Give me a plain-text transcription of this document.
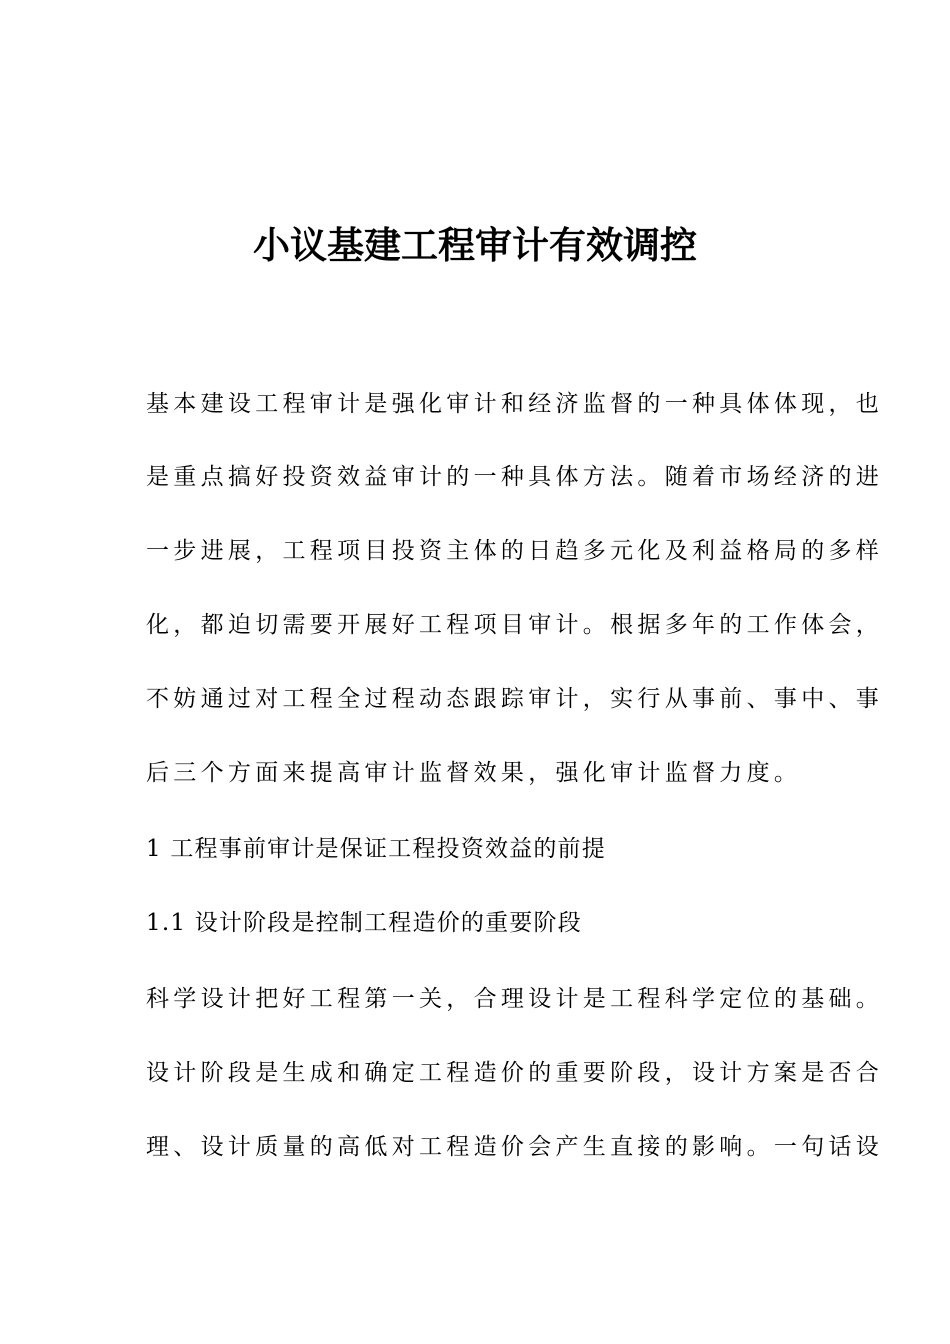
小议基建工程审计有效调控
基本建设工程审计是强化审计和经济监督的一种具体体现，也
是重点搞好投资效益审计的一种具体方法。随着市场经济的进
一步进展，工程项目投资主体的日趋多元化及利益格局的多样
化，都迫切需要开展好工程项目审计。根据多年的工作体会，
不妨通过对工程全过程动态跟踪审计，实行从事前、事中、事
后三个方面来提高审计监督效果，强化审计监督力度。
1 工程事前审计是保证工程投资效益的前提
1.1 设计阶段是控制工程造价的重要阶段
科学设计把好工程第一关，合理设计是工程科学定位的基础。
设计阶段是生成和确定工程造价的重要阶段，设计方案是否合
理、设计质量的高低对工程造价会产生直接的影响。一句话设
